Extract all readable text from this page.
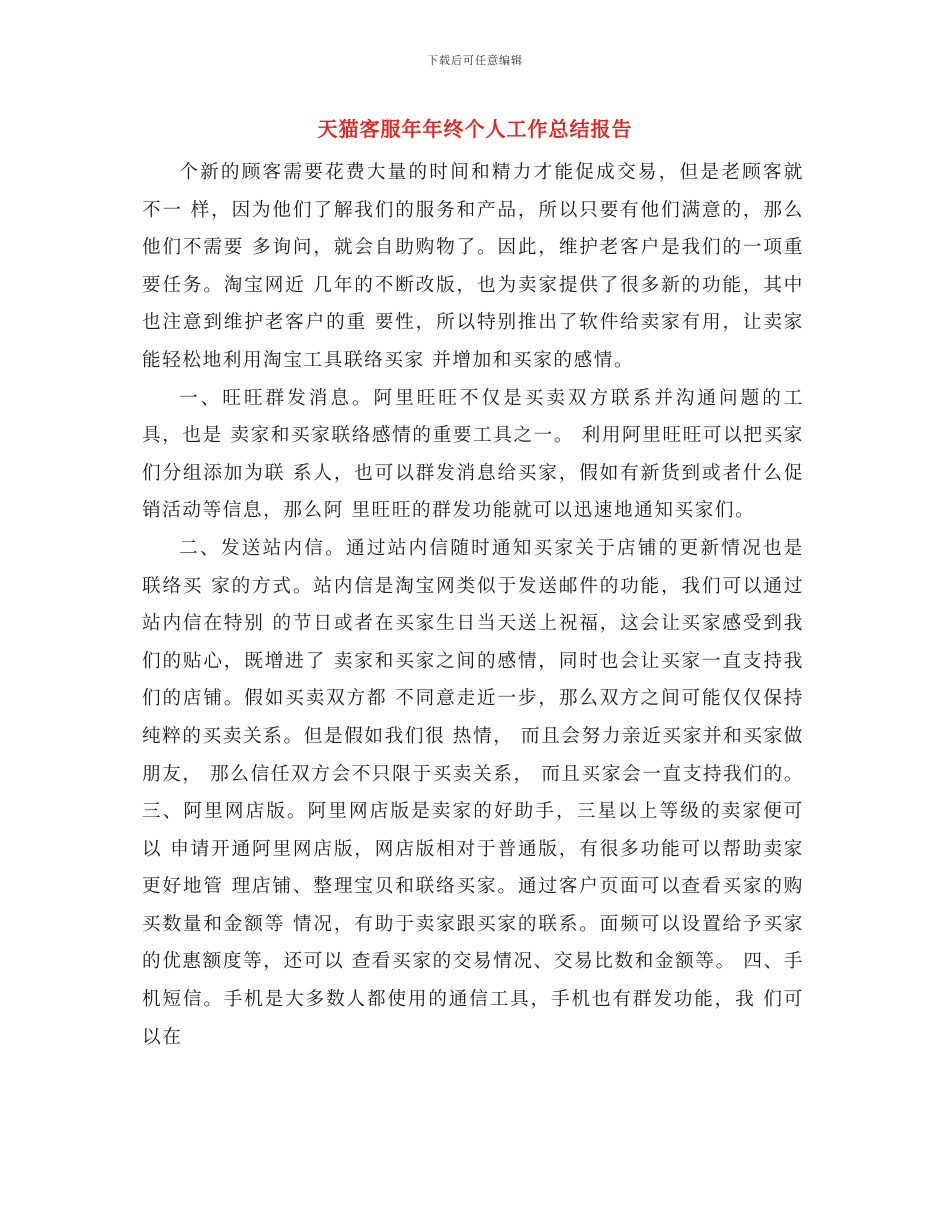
下载后可任意编辑
天猫客服年年终个人工作总结报告

个新的顾客需要花费大量的时间和精力才能促成交易，但是老顾客就不一 样，因为他们了解我们的服务和产品，所以只要有他们满意的，那么他们不需要 多询问，就会自助购物了。因此，维护老客户是我们的一项重要任务。淘宝网近 几年的不断改版，也为卖家提供了很多新的功能，其中也注意到维护老客户的重 要性，所以特别推出了软件给卖家有用，让卖家能轻松地利用淘宝工具联络买家 并增加和买家的感情。

一、旺旺群发消息。阿里旺旺不仅是买卖双方联系并沟通问题的工具，也是 卖家和买家联络感情的重要工具之一。 利用阿里旺旺可以把买家们分组添加为联 系人，也可以群发消息给买家，假如有新货到或者什么促销活动等信息，那么阿 里旺旺的群发功能就可以迅速地通知买家们。

二、发送站内信。通过站内信随时通知买家关于店铺的更新情况也是联络买 家的方式。站内信是淘宝网类似于发送邮件的功能，我们可以通过站内信在特别 的节日或者在买家生日当天送上祝福，这会让买家感受到我们的贴心，既增进了 卖家和买家之间的感情，同时也会让买家一直支持我们的店铺。假如买卖双方都 不同意走近一步，那么双方之间可能仅仅保持纯粹的买卖关系。但是假如我们很 热情， 而且会努力亲近买家并和买家做朋友， 那么信任双方会不只限于买卖关系， 而且买家会一直支持我们的。 三、阿里网店版。阿里网店版是卖家的好助手，三星以上等级的卖家便可以 申请开通阿里网店版，网店版相对于普通版，有很多功能可以帮助卖家更好地管 理店铺、整理宝贝和联络买家。通过客户页面可以查看买家的购买数量和金额等 情况，有助于卖家跟买家的联系。面频可以设置给予买家的优惠额度等，还可以 查看买家的交易情况、交易比数和金额等。 四、手机短信。手机是大多数人都使用的通信工具，手机也有群发功能，我 们可以在
